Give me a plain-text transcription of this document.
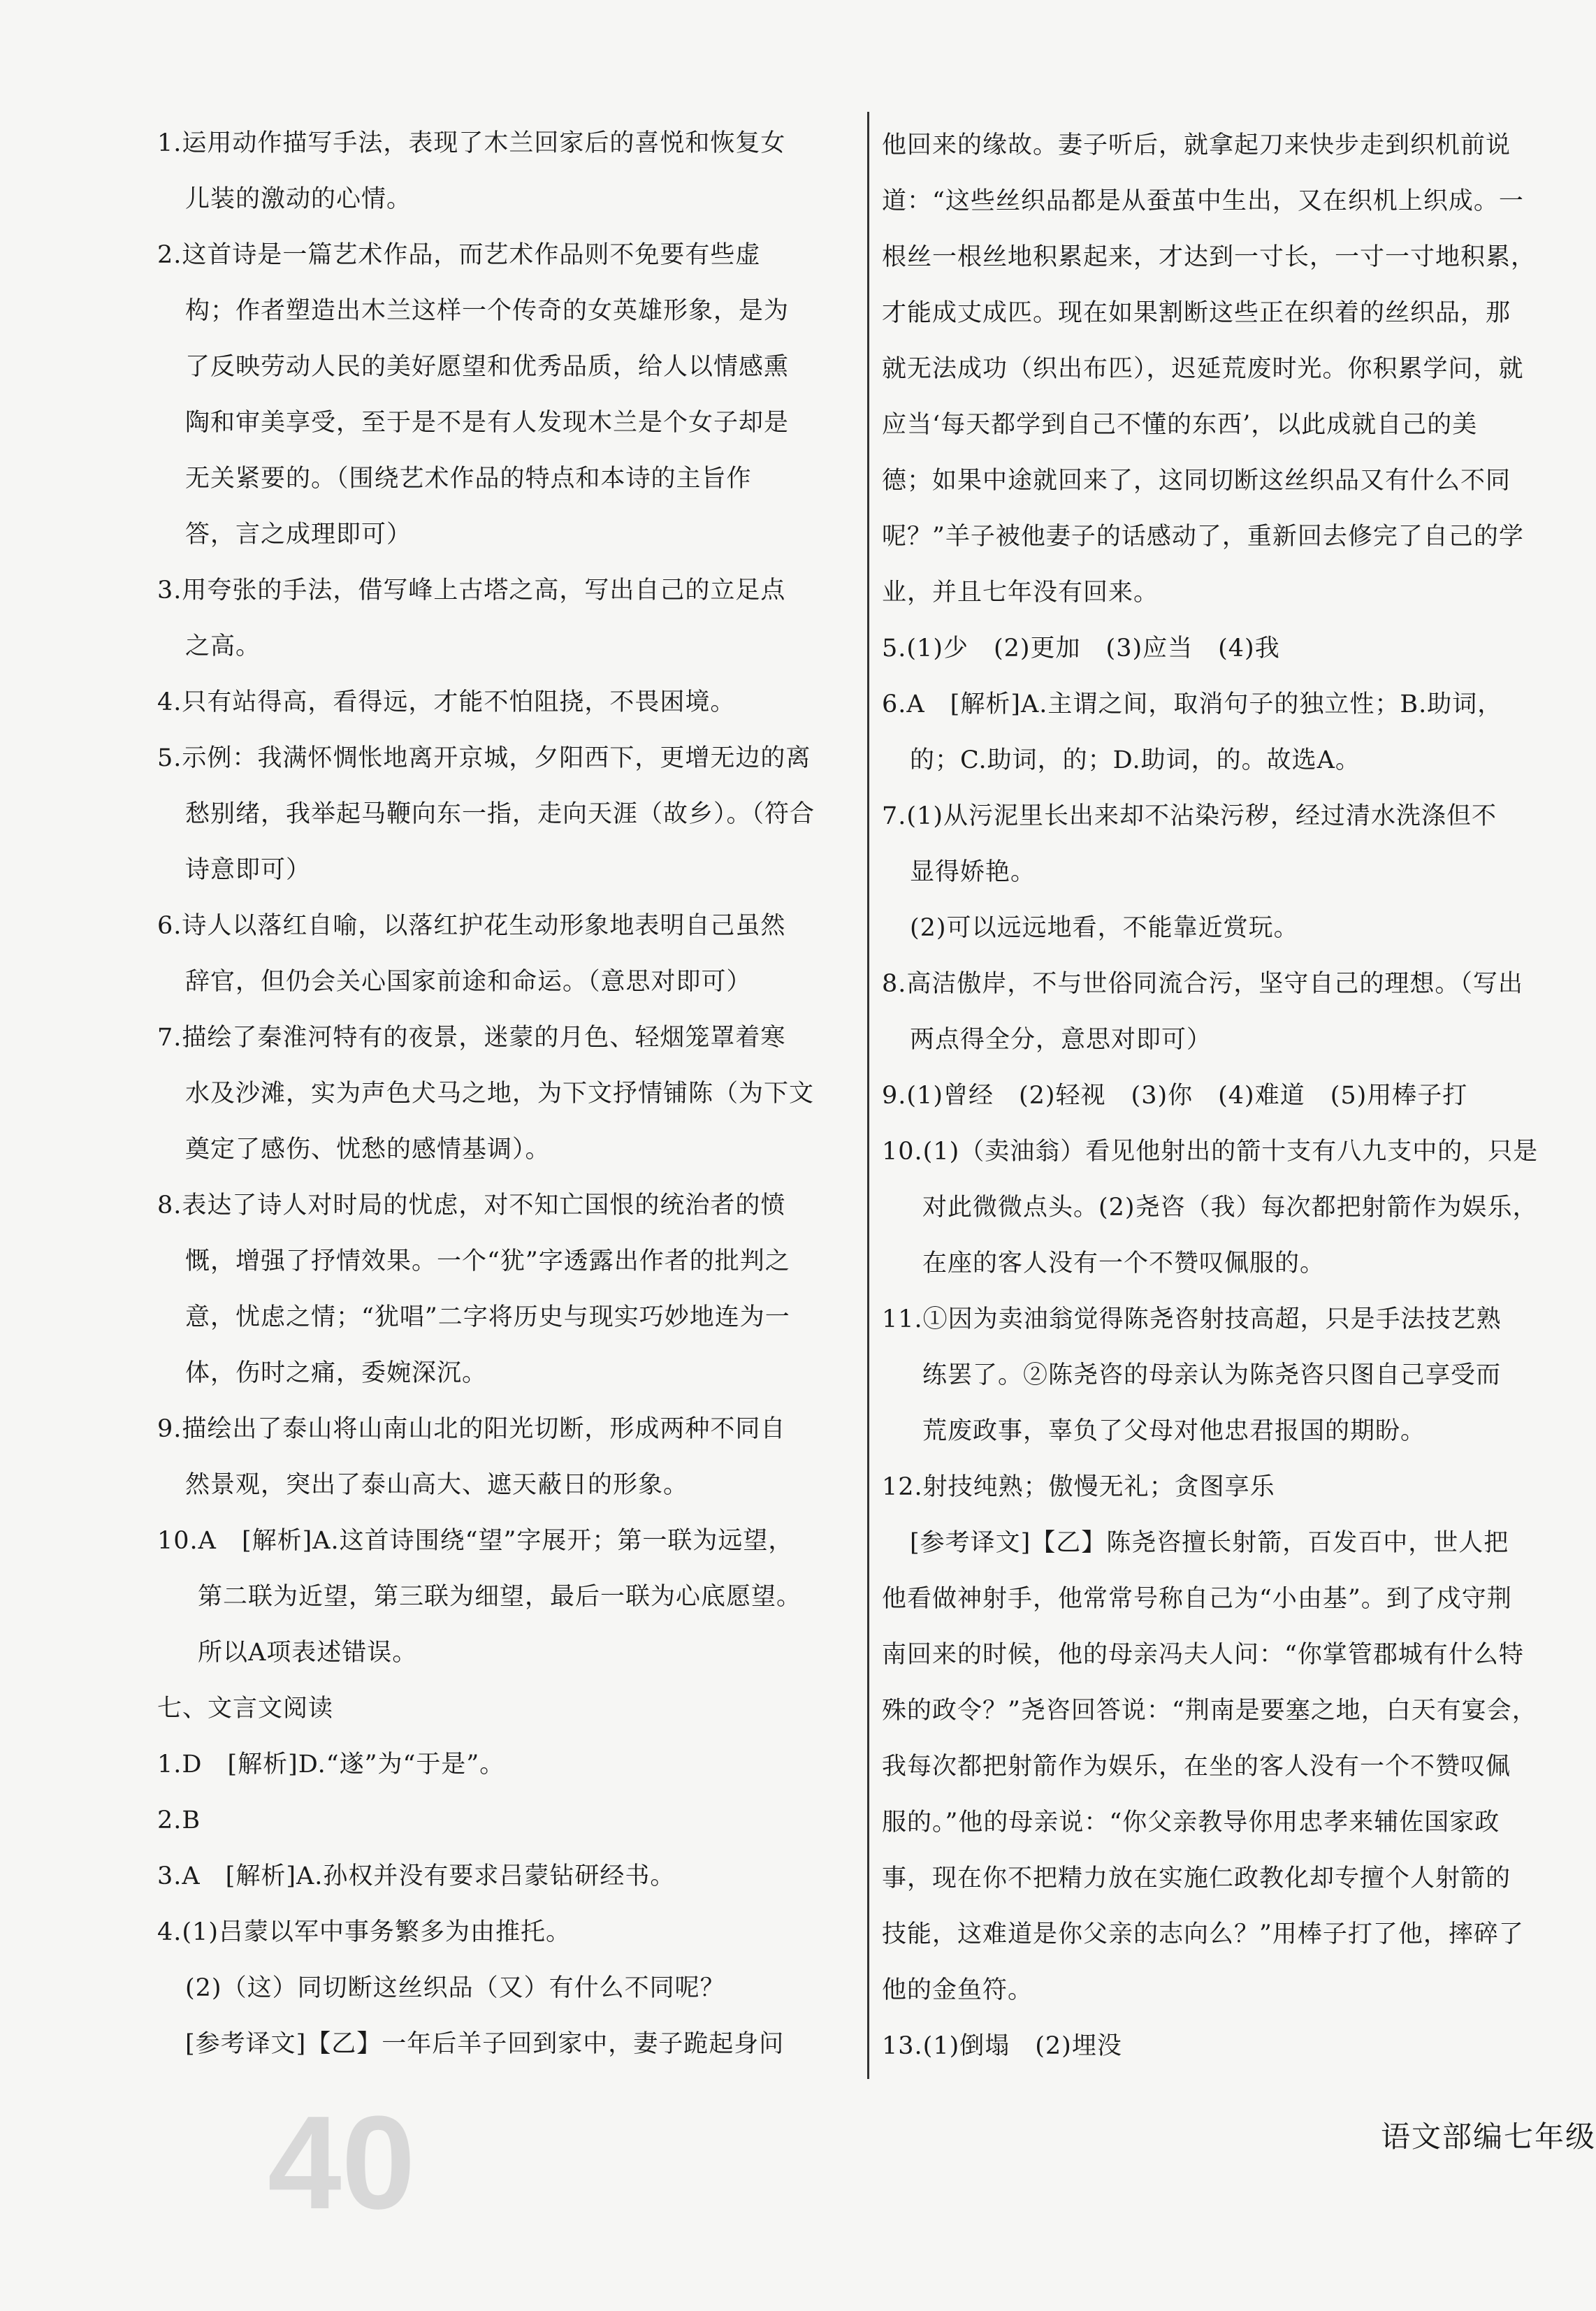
1.运用动作描写手法，表现了木兰回家后的喜悦和恢复女
儿装的激动的心情。
2.这首诗是一篇艺术作品，而艺术作品则不免要有些虚
构；作者塑造出木兰这样一个传奇的女英雄形象，是为
了反映劳动人民的美好愿望和优秀品质，给人以情感熏
陶和审美享受，至于是不是有人发现木兰是个女子却是
无关紧要的。（围绕艺术作品的特点和本诗的主旨作
答，言之成理即可）
3.用夸张的手法，借写峰上古塔之高，写出自己的立足点
之高。
4.只有站得高，看得远，才能不怕阻挠，不畏困境。
5.示例：我满怀惆怅地离开京城，夕阳西下，更增无边的离
愁别绪，我举起马鞭向东一指，走向天涯（故乡）。（符合
诗意即可）
6.诗人以落红自喻，以落红护花生动形象地表明自己虽然
辞官，但仍会关心国家前途和命运。（意思对即可）
7.描绘了秦淮河特有的夜景，迷蒙的月色、轻烟笼罩着寒
水及沙滩，实为声色犬马之地，为下文抒情铺陈（为下文
奠定了感伤、忧愁的感情基调）。
8.表达了诗人对时局的忧虑，对不知亡国恨的统治者的愤
慨，增强了抒情效果。一个“犹”字透露出作者的批判之
意，忧虑之情；“犹唱”二字将历史与现实巧妙地连为一
体，伤时之痛，委婉深沉。
9.描绘出了泰山将山南山北的阳光切断，形成两种不同自
然景观，突出了泰山高大、遮天蔽日的形象。
10.A　[解析]A.这首诗围绕“望”字展开；第一联为远望，
第二联为近望，第三联为细望，最后一联为心底愿望。
所以A项表述错误。
七、文言文阅读
1.D　[解析]D.“遂”为“于是”。
2.B
3.A　[解析]A.孙权并没有要求吕蒙钻研经书。
4.(1)吕蒙以军中事务繁多为由推托。
(2)（这）同切断这丝织品（又）有什么不同呢？
[参考译文]【乙】一年后羊子回到家中，妻子跪起身问
他回来的缘故。妻子听后，就拿起刀来快步走到织机前说
道：“这些丝织品都是从蚕茧中生出，又在织机上织成。一
根丝一根丝地积累起来，才达到一寸长，一寸一寸地积累，
才能成丈成匹。现在如果割断这些正在织着的丝织品，那
就无法成功（织出布匹），迟延荒废时光。你积累学问，就
应当‘每天都学到自己不懂的东西’，以此成就自己的美
德；如果中途就回来了，这同切断这丝织品又有什么不同
呢？”羊子被他妻子的话感动了，重新回去修完了自己的学
业，并且七年没有回来。
5.(1)少　(2)更加　(3)应当　(4)我
6.A　[解析]A.主谓之间，取消句子的独立性；B.助词，
的；C.助词，的；D.助词，的。故选A。
7.(1)从污泥里长出来却不沾染污秽，经过清水洗涤但不
显得娇艳。
(2)可以远远地看，不能靠近赏玩。
8.高洁傲岸，不与世俗同流合污，坚守自己的理想。（写出
两点得全分，意思对即可）
9.(1)曾经　(2)轻视　(3)你　(4)难道　(5)用棒子打
10.(1)（卖油翁）看见他射出的箭十支有八九支中的，只是
对此微微点头。(2)尧咨（我）每次都把射箭作为娱乐，
在座的客人没有一个不赞叹佩服的。
11.①因为卖油翁觉得陈尧咨射技高超，只是手法技艺熟
练罢了。②陈尧咨的母亲认为陈尧咨只图自己享受而
荒废政事，辜负了父母对他忠君报国的期盼。
12.射技纯熟；傲慢无礼；贪图享乐
[参考译文]【乙】陈尧咨擅长射箭，百发百中，世人把
他看做神射手，他常常号称自己为“小由基”。到了戍守荆
南回来的时候，他的母亲冯夫人问：“你掌管郡城有什么特
殊的政令？”尧咨回答说：“荆南是要塞之地，白天有宴会，
我每次都把射箭作为娱乐，在坐的客人没有一个不赞叹佩
服的。”他的母亲说：“你父亲教导你用忠孝来辅佐国家政
事，现在你不把精力放在实施仁政教化却专擅个人射箭的
技能，这难道是你父亲的志向么？”用棒子打了他，摔碎了
他的金鱼符。
13.(1)倒塌　(2)埋没
40	语文部编七年级
